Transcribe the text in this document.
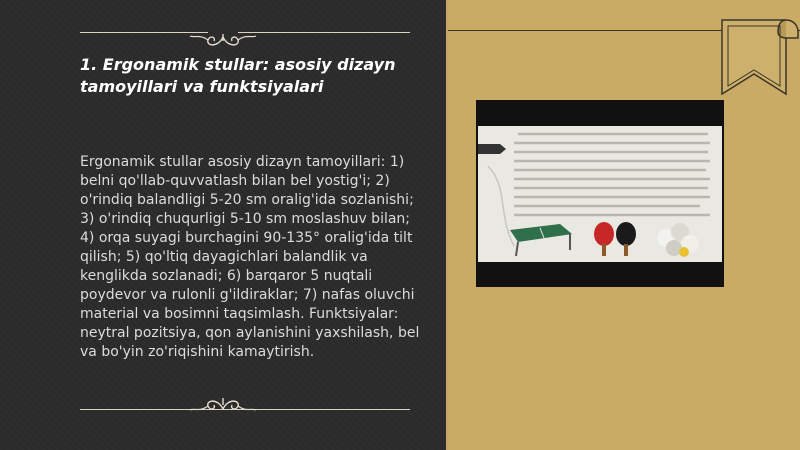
1. Ergonamik stullar: asosiy dizayn tamoyillari va funktsiyalari

Ergonamik stullar asosiy dizayn tamoyillari: 1) belni qo'llab-quvvatlash bilan bel yostig'i; 2) o'rindiq balandligi 5-20 sm oralig'ida sozlanishi; 3) o'rindiq chuqurligi 5-10 sm moslashuv bilan; 4) orqa suyagi burchagini 90-135° oralig'ida tilt qilish; 5) qo'ltiq dayagichlari balandlik va kenglikda sozlanadi; 6) barqaror 5 nuqtali poydevor va rulonli g'ildiraklar; 7) nafas oluvchi material va bosimni taqsimlash. Funktsiyalar: neytral pozitsiya, qon aylanishini yaxshilash, bel va bo'yin zo'riqishini kamaytirish.
